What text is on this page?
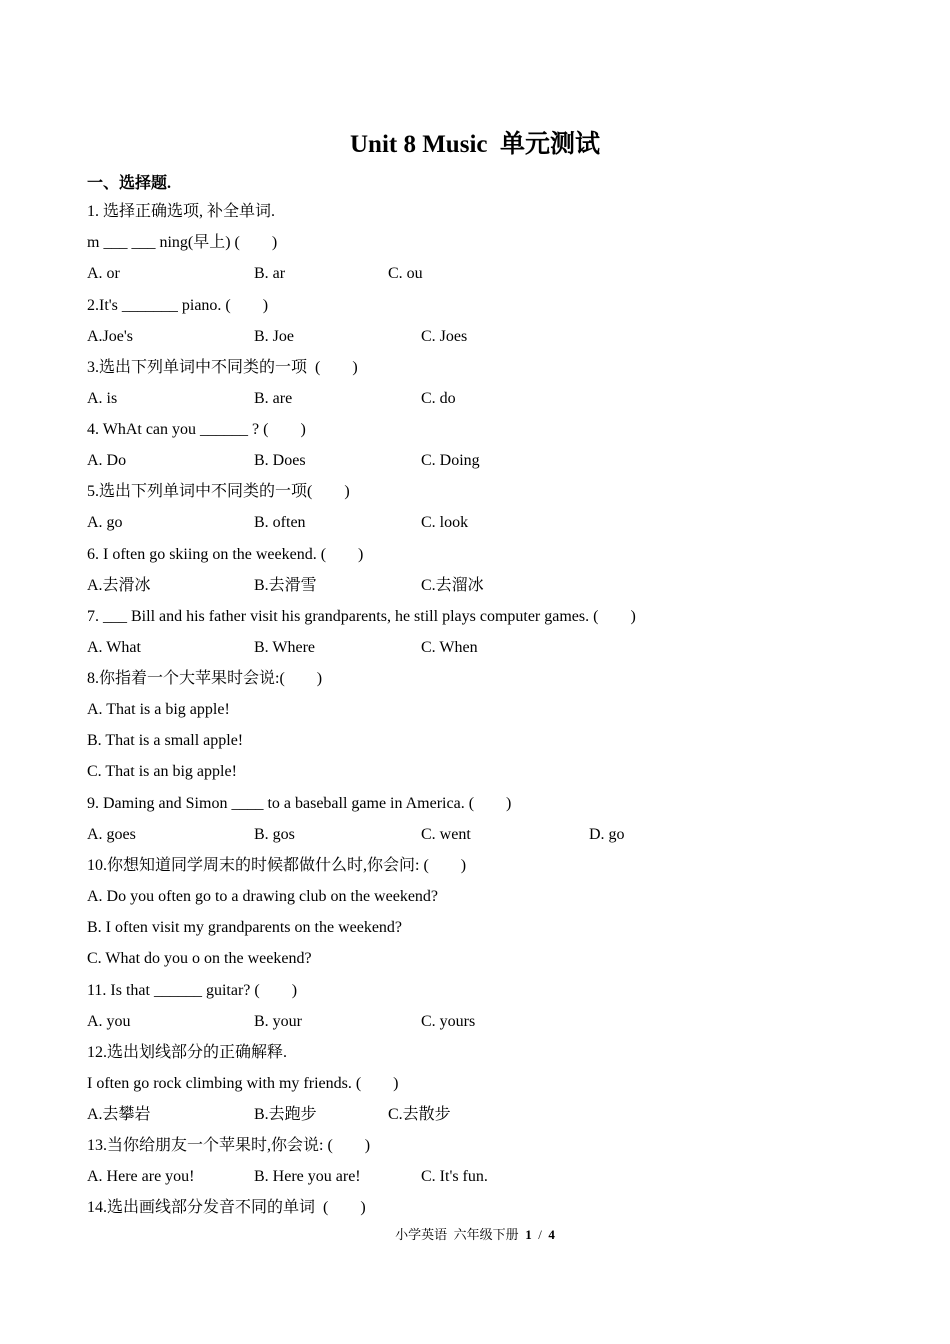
Unit 8 Music  单元测试
一、选择题.
1. 选择正确选项, 补全单词.
m ___ ___ ning(早上) (        )
A. or	B. ar	C. ou
2.It's _______ piano. (        )
A.Joe's	B. Joe	C. Joes
3.选出下列单词中不同类的一项  (        )
A. is	B. are	C. do
4. WhAt can you ______ ? (        )
A. Do	B. Does	C. Doing
5.选出下列单词中不同类的一项(        )
A. go	B. often	C. look
6. I often go skiing on the weekend. (        )
A.去滑冰	B.去滑雪	C.去溜冰
7. ___ Bill and his father visit his grandparents, he still plays computer games. (        )
A. What	B. Where	C. When
8.你指着一个大苹果时会说:(        )
A. That is a big apple!
B. That is a small apple!
C. That is an big apple!
9. Daming and Simon ____ to a baseball game in America. (        )
A. goes	B. gos	C. went	D. go
10.你想知道同学周末的时候都做什么时,你会问: (        )
A. Do you often go to a drawing club on the weekend?
B. I often visit my grandparents on the weekend?
C. What do you o on the weekend?
11. Is that ______ guitar? (        )
A. you	B. your	C. yours
12.选出划线部分的正确解释.
I often go rock climbing with my friends. (        )
A.去攀岩	B.去跑步	C.去散步
13.当你给朋友一个苹果时,你会说: (        )
A. Here are you!	B. Here you are!	C. It's fun.
14.选出画线部分发音不同的单词  (        )
小学英语  六年级下册  1  /  4
